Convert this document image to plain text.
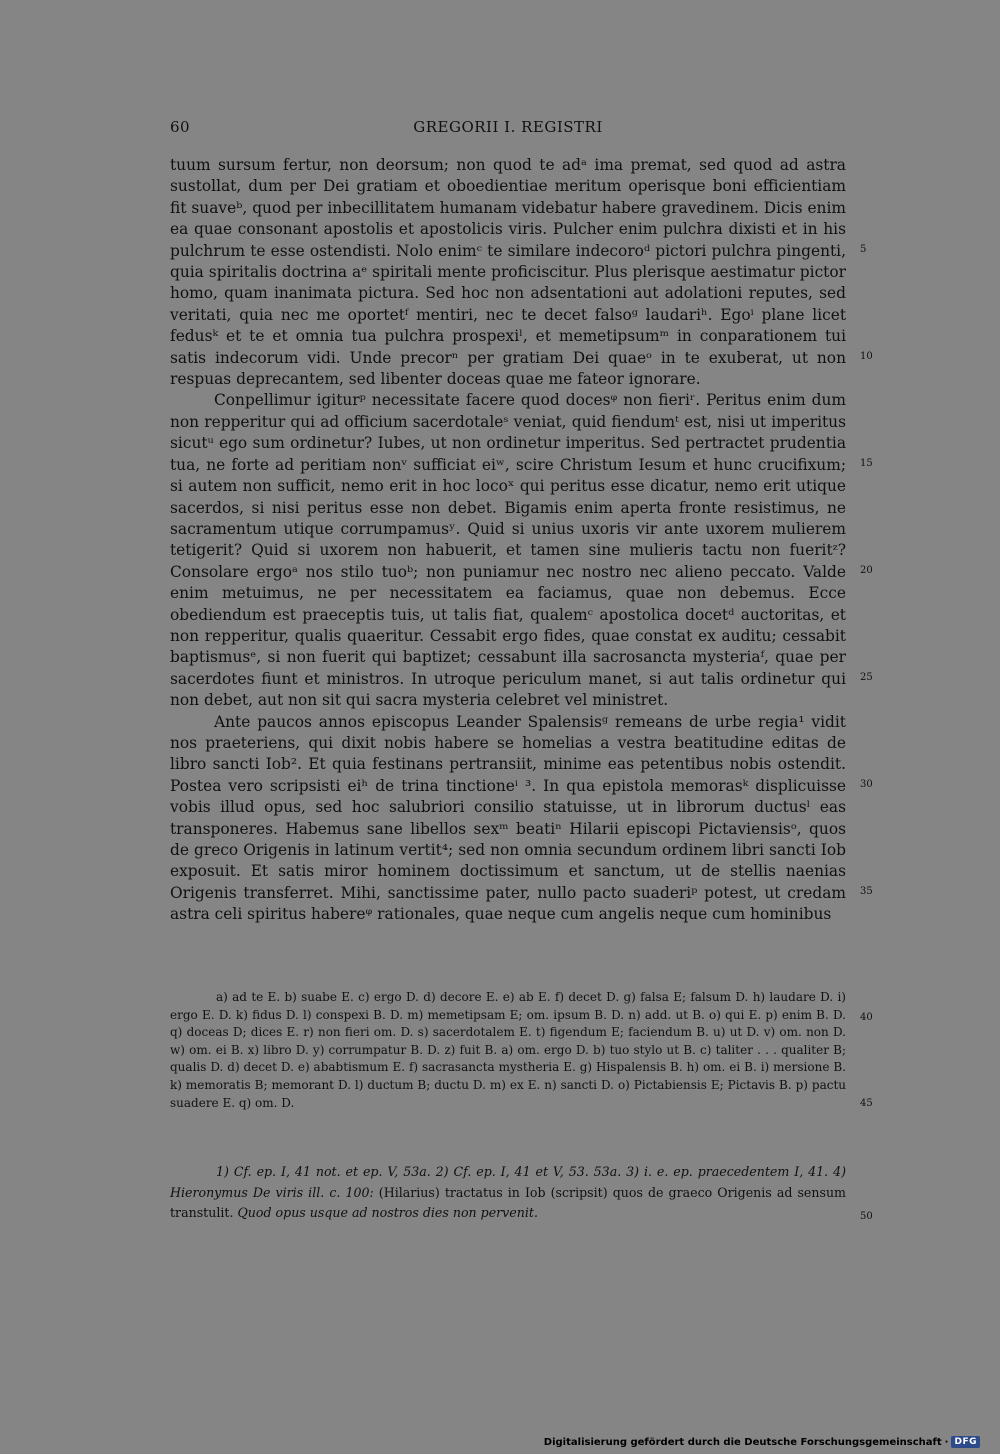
60	GREGORII I. REGISTRI

tuum sursum fertur, non deorsum; non quod te adᵃ ima premat, sed quod ad astra sustollat, dum per Dei gratiam et oboedientiae meritum operisque boni efficientiam fit suaveᵇ, quod per inbecillitatem humanam videbatur habere gravedinem. Dicis enim ea quae consonant apostolis et apostolicis viris. Pulcher enim pulchra dixisti et in his pulchrum te esse ostendisti. Nolo enimᶜ te similare indecoroᵈ pictori pulchra pingenti, quia spiritalis doctrina aᵉ spiritali mente proficiscitur. Plus plerisque aestimatur pictor homo, quam inanimata pictura. Sed hoc non adsentationi aut adolationi reputes, sed veritati, quia nec me oportetᶠ mentiri, nec te decet falsoᵍ laudariʰ. Egoⁱ plane licet fedusᵏ et te et omnia tua pulchra prospexiˡ, et memetipsumᵐ in conparationem tui satis indecorum vidi. Unde precorⁿ per gratiam Dei quaeᵒ in te exuberat, ut non respuas deprecantem, sed libenter doceas quae me fateor ignorare.

Conpellimur igiturᵖ necessitate facere quod docesᵠ non fieriʳ. Peritus enim dum non repperitur qui ad officium sacerdotaleˢ veniat, quid fiendumᵗ est, nisi ut imperitus sicutᵘ ego sum ordinetur? Iubes, ut non ordinetur imperitus. Sed pertractet prudentia tua, ne forte ad peritiam nonᵛ sufficiat eiʷ, scire Christum Iesum et hunc crucifixum; si autem non sufficit, nemo erit in hoc locoˣ qui peritus esse dicatur, nemo erit utique sacerdos, si nisi peritus esse non debet. Bigamis enim aperta fronte resistimus, ne sacramentum utique corrumpamusʸ. Quid si unius uxoris vir ante uxorem mulierem tetigerit? Quid si uxorem non habuerit, et tamen sine mulieris tactu non fueritᶻ? Consolare ergoᵃ nos stilo tuoᵇ; non puniamur nec nostro nec alieno peccato. Valde enim metuimus, ne per necessitatem ea faciamus, quae non debemus. Ecce obediendum est praeceptis tuis, ut talis fiat, qualemᶜ apostolica docetᵈ auctoritas, et non repperitur, qualis quaeritur. Cessabit ergo fides, quae constat ex auditu; cessabit baptismusᵉ, si non fuerit qui baptizet; cessabunt illa sacrosancta mysteriaᶠ, quae per sacerdotes fiunt et ministros. In utroque periculum manet, si aut talis ordinetur qui non debet, aut non sit qui sacra mysteria celebret vel ministret.

Ante paucos annos episcopus Leander Spalensisᵍ remeans de urbe regia¹ vidit nos praeteriens, qui dixit nobis habere se homelias a vestra beatitudine editas de libro sancti Iob². Et quia festinans pertransiit, minime eas petentibus nobis ostendit. Postea vero scripsisti eiʰ de trina tinctioneⁱ ³. In qua epistola memorasᵏ displicuisse vobis illud opus, sed hoc salubriori consilio statuisse, ut in librorum ductusˡ eas transponeres. Habemus sane libellos sexᵐ beatiⁿ Hilarii episcopi Pictaviensisᵒ, quos de greco Origenis in latinum vertit⁴; sed non omnia secundum ordinem libri sancti Iob exposuit. Et satis miror hominem doctissimum et sanctum, ut de stellis naenias Origenis transferret. Mihi, sanctissime pater, nullo pacto suaderiᵖ potest, ut credam astra celi spiritus habereᵠ rationales, quae neque cum angelis neque cum hominibus

5
10
15
20
25
30
35

a) ad te E. b) suabe E. c) ergo D. d) decore E. e) ab E. f) decet D. g) falsa E; falsum D. h) laudare D. i) ergo E. D. k) fidus D. l) conspexi B. D. m) memetipsam E; om. ipsum B. D. n) add. ut B. o) qui E. p) enim B. D. q) doceas D; dices E. r) non fieri om. D. s) sacerdotalem E. t) figendum E; faciendum B. u) ut D. v) om. non D. w) om. ei B. x) libro D. y) corrumpatur B. D. z) fuit B. a) om. ergo D. b) tuo stylo ut B. c) taliter . . . qualiter B; qualis D. d) decet D. e) ababtismum E. f) sacrasancta mystheria E. g) Hispalensis B. h) om. ei B. i) mersione B. k) memoratis B; memorant D. l) ductum B; ductu D. m) ex E. n) sancti D. o) Pictabiensis E; Pictavis B. p) pactu suadere E. q) om. D.

40
45

1) Cf. ep. I, 41 not. et ep. V, 53a. 2) Cf. ep. I, 41 et V, 53. 53a. 3) i. e. ep. praecedentem I, 41. 4) Hieronymus De viris ill. c. 100: (Hilarius) tractatus in Iob (scripsit) quos de graeco Origenis ad sensum transtulit. Quod opus usque ad nostros dies non pervenit.	50
Digitalisierung gefördert durch die Deutsche Forschungsgemeinschaft · DFG
